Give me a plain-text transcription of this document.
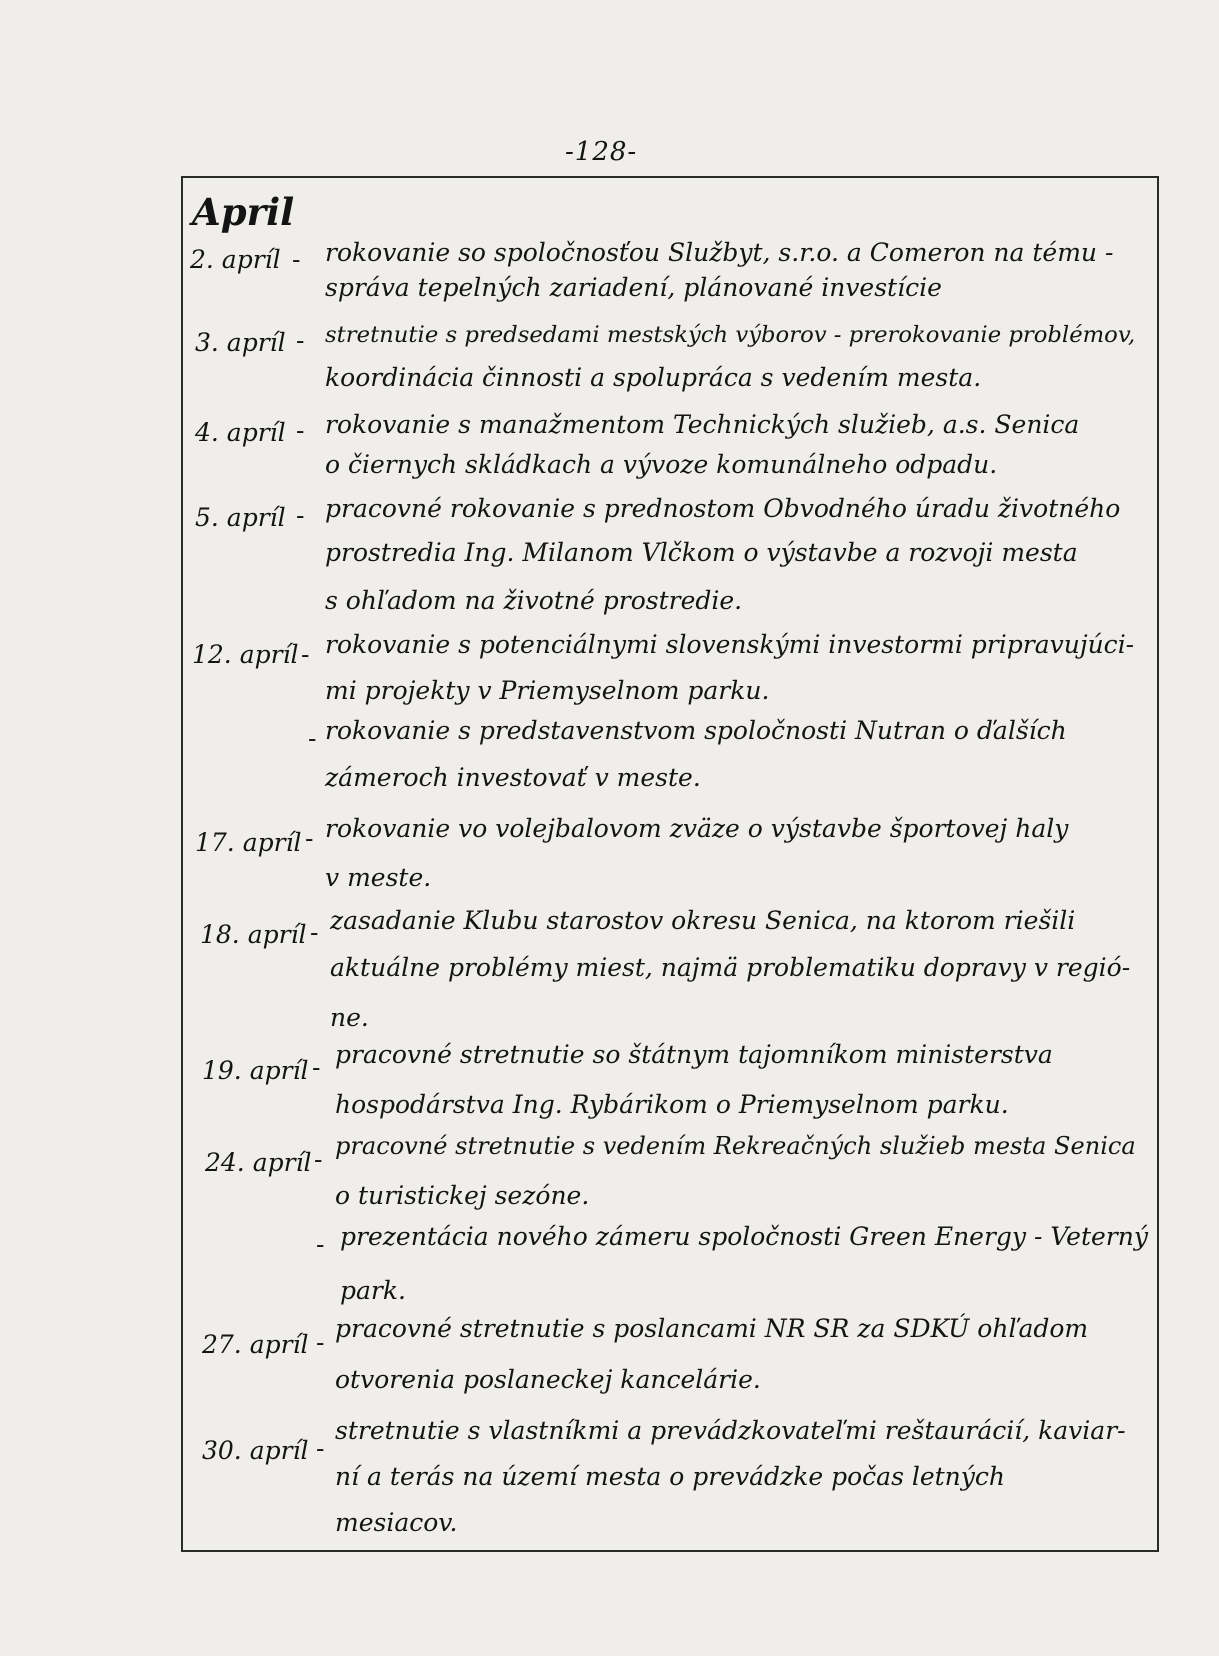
-128-
April
2. apríl - rokovanie so spoločnosťou Službyt, s.r.o. a Comeron na tému -
správa tepelných zariadení, plánované investície
3. apríl - stretnutie s predsedami mestských výborov - prerokovanie problémov,
koordinácia činnosti a spolupráca s vedením mesta.
4. apríl - rokovanie s manažmentom Technických služieb, a.s. Senica
o čiernych skládkach a vývoze komunálneho odpadu.
5. apríl - pracovné rokovanie s prednostom Obvodného úradu životného
prostredia Ing. Milanom Vlčkom o výstavbe a rozvoji mesta
s ohľadom na životné prostredie.
12. apríl - rokovanie s potenciálnymi slovenskými investormi pripravujúci-
mi projekty v Priemyselnom parku.
- rokovanie s predstavenstvom spoločnosti Nutran o ďalších
zámeroch investovať v meste.
17. apríl - rokovanie vo volejbalovom zväze o výstavbe športovej haly
v meste.
18. apríl - zasadanie Klubu starostov okresu Senica, na ktorom riešili
aktuálne problémy miest, najmä problematiku dopravy v regió-
ne.
19. apríl - pracovné stretnutie so štátnym tajomníkom ministerstva
hospodárstva Ing. Rybárikom o Priemyselnom parku.
24. apríl - pracovné stretnutie s vedením Rekreačných služieb mesta Senica
o turistickej sezóne.
- prezentácia nového zámeru spoločnosti Green Energy - Veterný
park.
27. apríl - pracovné stretnutie s poslancami NR SR za SDKÚ ohľadom
otvorenia poslaneckej kancelárie.
30. apríl -
stretnutie s vlastníkmi a prevádzkovateľmi reštaurácií, kaviar-
ní a terás na území mesta o prevádzke počas letných
mesiacov.
